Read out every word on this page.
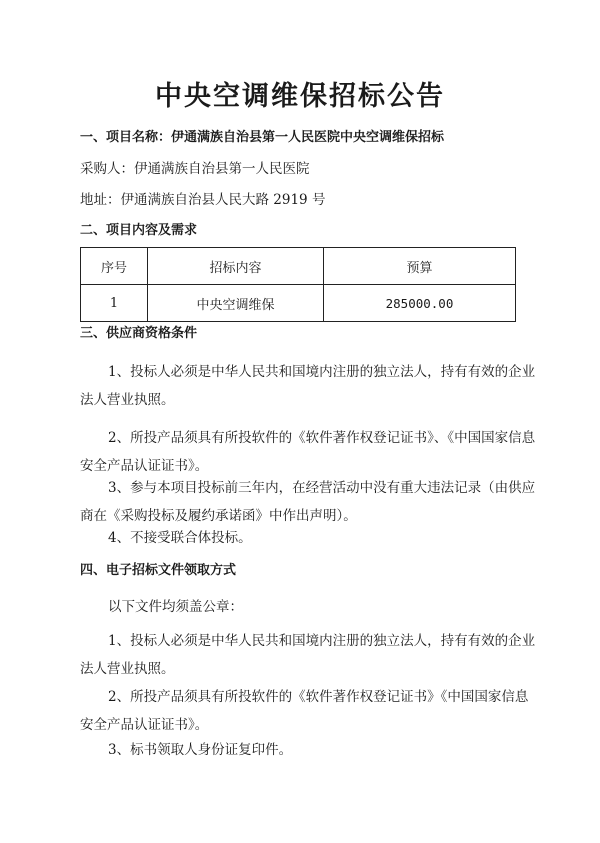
中央空调维保招标公告
一、项目名称：伊通满族自治县第一人民医院中央空调维保招标
采购人：伊通满族自治县第一人民医院
地址：伊通满族自治县人民大路 2919 号
二、项目内容及需求
序号	招标内容	预算
1	中央空调维保	285000.00
三、供应商资格条件
1、投标人必须是中华人民共和国境内注册的独立法人，持有有效的企业法人营业执照。
2、所投产品须具有所投软件的《软件著作权登记证书》、《中国国家信息安全产品认证证书》。
3、参与本项目投标前三年内，在经营活动中没有重大违法记录（由供应商在《采购投标及履约承诺函》中作出声明）。
4、不接受联合体投标。
四、电子招标文件领取方式
以下文件均须盖公章：
1、投标人必须是中华人民共和国境内注册的独立法人，持有有效的企业法人营业执照。
2、所投产品须具有所投软件的《软件著作权登记证书》《中国国家信息安全产品认证证书》。
3、标书领取人身份证复印件。
